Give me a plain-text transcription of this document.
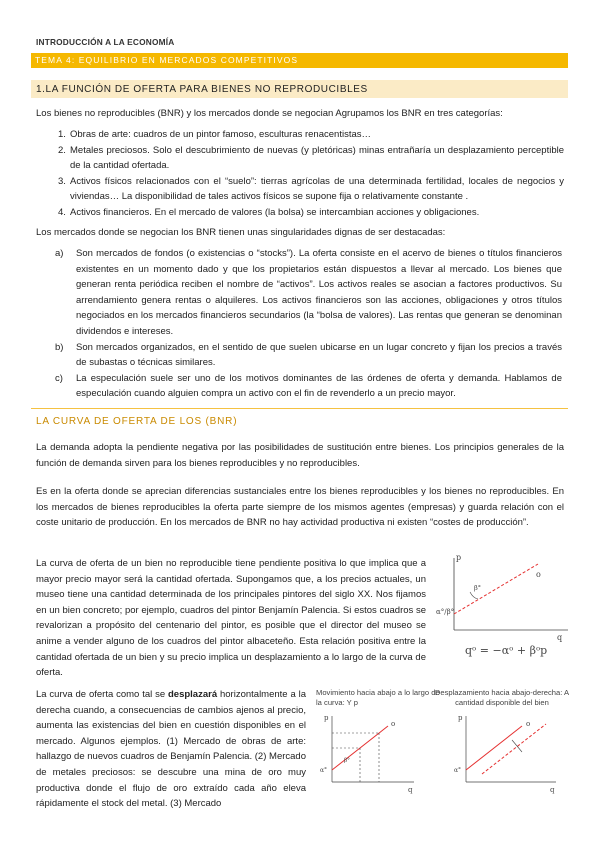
INTRODUCCIÓN A LA ECONOMÍA
TEMA 4: EQUILIBRIO EN MERCADOS COMPETITIVOS
1.LA FUNCIÓN DE OFERTA PARA BIENES NO REPRODUCIBLES
Los bienes no reproducibles (BNR) y los mercados donde se negocian Agrupamos los BNR en tres categorías:
1. Obras de arte: cuadros de un pintor famoso, esculturas renacentistas…
2. Metales preciosos. Solo el descubrimiento de nuevas (y pletóricas) minas entrañaría un desplazamiento perceptible de la cantidad ofertada.
3. Activos físicos relacionados con el “suelo”: tierras agrícolas de una determinada fertilidad, locales de negocios y viviendas… La disponibilidad de tales activos físicos se supone fija o relativamente constante .
4. Activos financieros. En el mercado de valores (la bolsa) se intercambian acciones y obligaciones.
Los mercados donde se negocian los BNR tienen unas singularidades dignas de ser destacadas:
a) Son mercados de fondos (o existencias o “stocks”). La oferta consiste en el acervo de bienes o títulos financieros existentes en un momento dado y que los propietarios están dispuestos a llevar al mercado. Los bienes que generan renta periódica reciben el nombre de “activos”. Los activos reales se asocian a factores productivos. Su arrendamiento genera rentas o alquileres. Los activos financieros son las acciones, obligaciones y otros títulos negociados en los mercados financieros secundarios (la “bolsa de valores). Las rentas que generan se denominan dividendos e intereses.
b) Son mercados organizados, en el sentido de que suelen ubicarse en un lugar concreto y fijan los precios a través de subastas o técnicas similares.
c) La especulación suele ser uno de los motivos dominantes de las órdenes de oferta y demanda. Hablamos de especulación cuando alguien compra un activo con el fin de revenderlo a un precio mayor.
LA CURVA DE OFERTA DE LOS (BNR)
La demanda adopta la pendiente negativa por las posibilidades de sustitución entre bienes. Los principios generales de la función de demanda sirven para los bienes reproducibles y no reproducibles.
Es en la oferta donde se aprecian diferencias sustanciales entre los bienes reproducibles y los bienes no reproducibles. En los mercados de bienes reproducibles la oferta parte siempre de los mismos agentes (empresas) y guarda relación con el coste unitario de producción. En los mercados de BNR no hay actividad productiva ni existen “costes de producción”.
La curva de oferta de un bien no reproducible tiene pendiente positiva lo que implica que a mayor precio mayor será la cantidad ofertada. Supongamos que, a los precios actuales, un museo tiene una cantidad determinada de los principales pintores del siglo XX. Nos fijamos en un bien concreto; por ejemplo, cuadros del pintor Benjamín Palencia. Si estos cuadros se revalorizan a propósito del centenario del pintor, es posible que el director del museo se anime a vender alguno de los cuadros del pintor albaceteño. Esta relación positiva entre la cantidad ofertada de un bien y su precio implica un desplazamiento a lo largo de la curva de oferta.
La curva de oferta como tal se desplazará horizontalmente a la derecha cuando, a consecuencias de cambios ajenos al precio, aumenta las existencias del bien en cuestión disponibles en el mercado. Algunos ejemplos. (1) Mercado de obras de arte: hallazgo de nuevos cuadros de Benjamín Palencia. (2) Mercado de metales preciosos: se descubre una mina de oro muy productiva donde el flujo de oro extraído cada año eleva rápidamente el stock del metal. (3) Mercado
p
q
o
β°
α°/β°
qᵒ = −αᵒ + βᵒp
Movimiento hacia abajo a lo largo de la curva: Y p
p
q
o
α°
β°
Desplazamiento hacia abajo-derecha: A cantidad disponible del bien
p
q
o
α°
